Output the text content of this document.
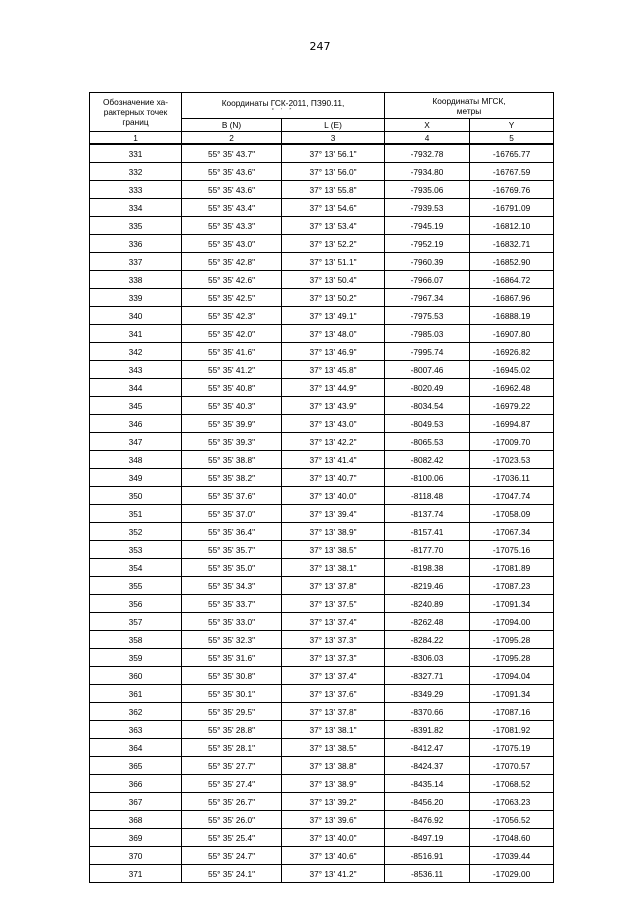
247
Обозначение ха-
рактерных точек
границ	Координаты ГСК-2011, ПЗ90.11,
° ′ ″		Координаты МГСК,
метры	

	B (N)	L (E)	X	Y
1	2	3	4	5
331	55° 35' 43.7"	37° 13' 56.1"	-7932.78	-16765.77
332	55° 35' 43.6"	37° 13' 56.0"	-7934.80	-16767.59
333	55° 35' 43.6"	37° 13' 55.8"	-7935.06	-16769.76
334	55° 35' 43.4"	37° 13' 54.6"	-7939.53	-16791.09
335	55° 35' 43.3"	37° 13' 53.4"	-7945.19	-16812.10
336	55° 35' 43.0"	37° 13' 52.2"	-7952.19	-16832.71
337	55° 35' 42.8"	37° 13' 51.1"	-7960.39	-16852.90
338	55° 35' 42.6"	37° 13' 50.4"	-7966.07	-16864.72
339	55° 35' 42.5"	37° 13' 50.2"	-7967.34	-16867.96
340	55° 35' 42.3"	37° 13' 49.1"	-7975.53	-16888.19
341	55° 35' 42.0"	37° 13' 48.0"	-7985.03	-16907.80
342	55° 35' 41.6"	37° 13' 46.9"	-7995.74	-16926.82
343	55° 35' 41.2"	37° 13' 45.8"	-8007.46	-16945.02
344	55° 35' 40.8"	37° 13' 44.9"	-8020.49	-16962.48
345	55° 35' 40.3"	37° 13' 43.9"	-8034.54	-16979.22
346	55° 35' 39.9"	37° 13' 43.0"	-8049.53	-16994.87
347	55° 35' 39.3"	37° 13' 42.2"	-8065.53	-17009.70
348	55° 35' 38.8"	37° 13' 41.4"	-8082.42	-17023.53
349	55° 35' 38.2"	37° 13' 40.7"	-8100.06	-17036.11
350	55° 35' 37.6"	37° 13' 40.0"	-8118.48	-17047.74
351	55° 35' 37.0"	37° 13' 39.4"	-8137.74	-17058.09
352	55° 35' 36.4"	37° 13' 38.9"	-8157.41	-17067.34
353	55° 35' 35.7"	37° 13' 38.5"	-8177.70	-17075.16
354	55° 35' 35.0"	37° 13' 38.1"	-8198.38	-17081.89
355	55° 35' 34.3"	37° 13' 37.8"	-8219.46	-17087.23
356	55° 35' 33.7"	37° 13' 37.5"	-8240.89	-17091.34
357	55° 35' 33.0"	37° 13' 37.4"	-8262.48	-17094.00
358	55° 35' 32.3"	37° 13' 37.3"	-8284.22	-17095.28
359	55° 35' 31.6"	37° 13' 37.3"	-8306.03	-17095.28
360	55° 35' 30.8"	37° 13' 37.4"	-8327.71	-17094.04
361	55° 35' 30.1"	37° 13' 37.6"	-8349.29	-17091.34
362	55° 35' 29.5"	37° 13' 37.8"	-8370.66	-17087.16
363	55° 35' 28.8"	37° 13' 38.1"	-8391.82	-17081.92
364	55° 35' 28.1"	37° 13' 38.5"	-8412.47	-17075.19
365	55° 35' 27.7"	37° 13' 38.8"	-8424.37	-17070.57
366	55° 35' 27.4"	37° 13' 38.9"	-8435.14	-17068.52
367	55° 35' 26.7"	37° 13' 39.2"	-8456.20	-17063.23
368	55° 35' 26.0"	37° 13' 39.6"	-8476.92	-17056.52
369	55° 35' 25.4"	37° 13' 40.0"	-8497.19	-17048.60
370	55° 35' 24.7"	37° 13' 40.6"	-8516.91	-17039.44
371	55° 35' 24.1"	37° 13' 41.2"	-8536.11	-17029.00
